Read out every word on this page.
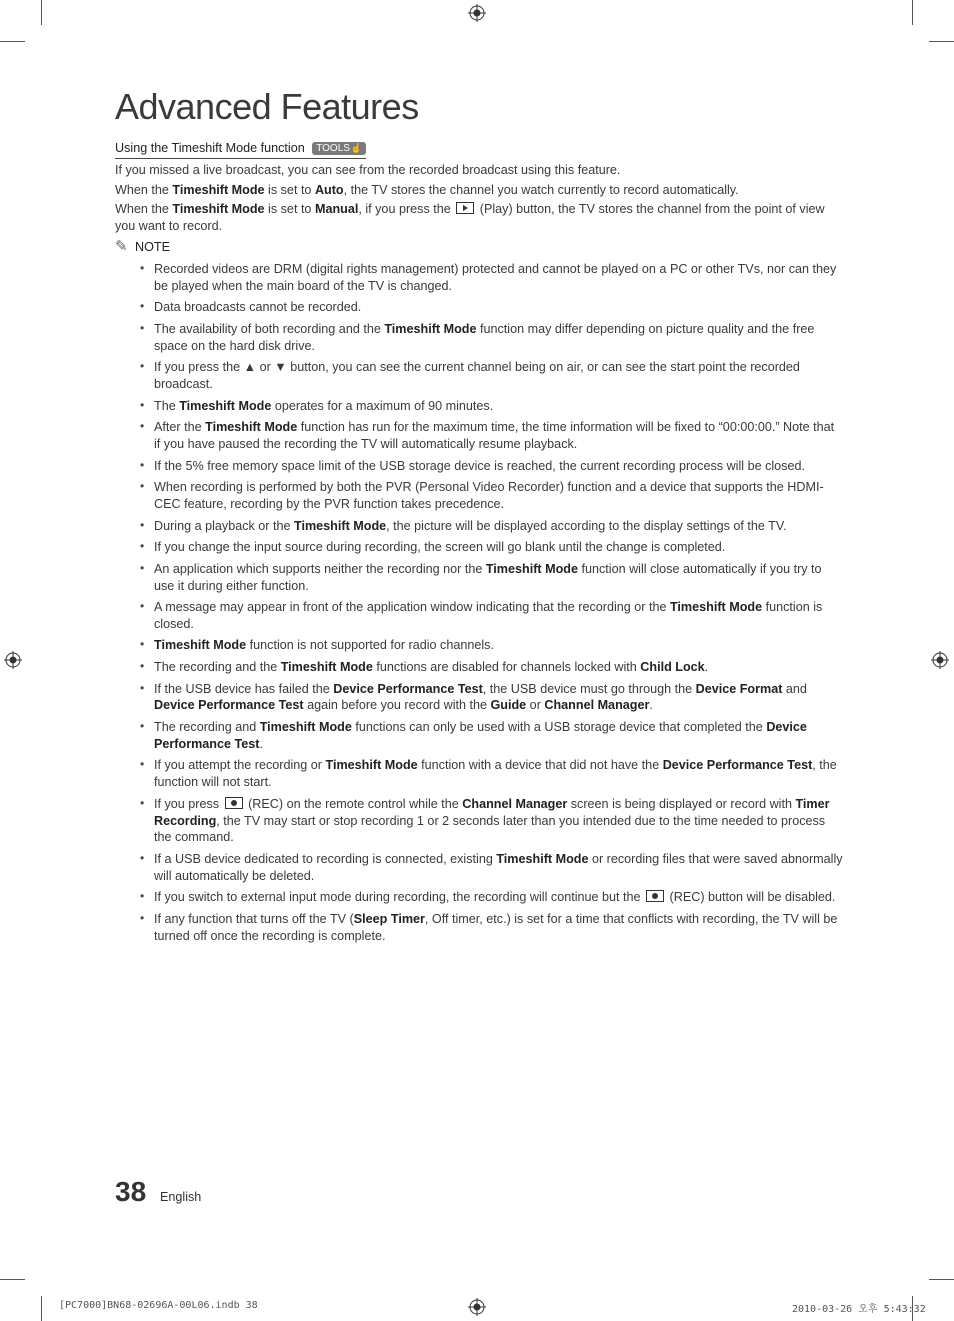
Advanced Features
Using the Timeshift Mode function TOOLS☝

If you missed a live broadcast, you can see from the recorded broadcast using this feature.

When the Timeshift Mode is set to Auto, the TV stores the channel you watch currently to record automatically.

When the Timeshift Mode is set to Manual, if you press the  (Play) button, the TV stores the channel from the point of view you want to record.

✎ NOTE
• Recorded videos are DRM (digital rights management) protected and cannot be played on a PC or other TVs, nor can they be played when the main board of the TV is changed.
• Data broadcasts cannot be recorded.
• The availability of both recording and the Timeshift Mode function may differ depending on picture quality and the free space on the hard disk drive.
• If you press the ▲ or ▼ button, you can see the current channel being on air, or can see the start point the recorded broadcast.
• The Timeshift Mode operates for a maximum of 90 minutes.
• After the Timeshift Mode function has run for the maximum time, the time information will be fixed to “00:00:00.” Note that if you have paused the recording the TV will automatically resume playback.
• If the 5% free memory space limit of the USB storage device is reached, the current recording process will be closed.
• When recording is performed by both the PVR (Personal Video Recorder) function and a device that supports the HDMI-CEC feature, recording by the PVR function takes precedence.
• During a playback or the Timeshift Mode, the picture will be displayed according to the display settings of the TV.
• If you change the input source during recording, the screen will go blank until the change is completed.
• An application which supports neither the recording nor the Timeshift Mode function will close automatically if you try to use it during either function.
• A message may appear in front of the application window indicating that the recording or the Timeshift Mode function is closed.
• Timeshift Mode function is not supported for radio channels.
• The recording and the Timeshift Mode functions are disabled for channels locked with Child Lock.
• If the USB device has failed the Device Performance Test, the USB device must go through the Device Format and Device Performance Test again before you record with the Guide or Channel Manager.
• The recording and Timeshift Mode functions can only be used with a USB storage device that completed the Device Performance Test.
• If you attempt the recording or Timeshift Mode function with a device that did not have the Device Performance Test, the function will not start.
• If you press  (REC) on the remote control while the Channel Manager screen is being displayed or record with Timer Recording, the TV may start or stop recording 1 or 2 seconds later than you intended due to the time needed to process the command.
• If a USB device dedicated to recording is connected, existing Timeshift Mode or recording files that were saved abnormally will automatically be deleted.
• If you switch to external input mode during recording, the recording will continue but the  (REC) button will be disabled.
• If any function that turns off the TV (Sleep Timer, Off timer, etc.) is set for a time that conflicts with recording, the TV will be turned off once the recording is complete.
38 English
[PC7000]BN68-02696A-00L06.indb 38	2010-03-26 오후 5:43:32
